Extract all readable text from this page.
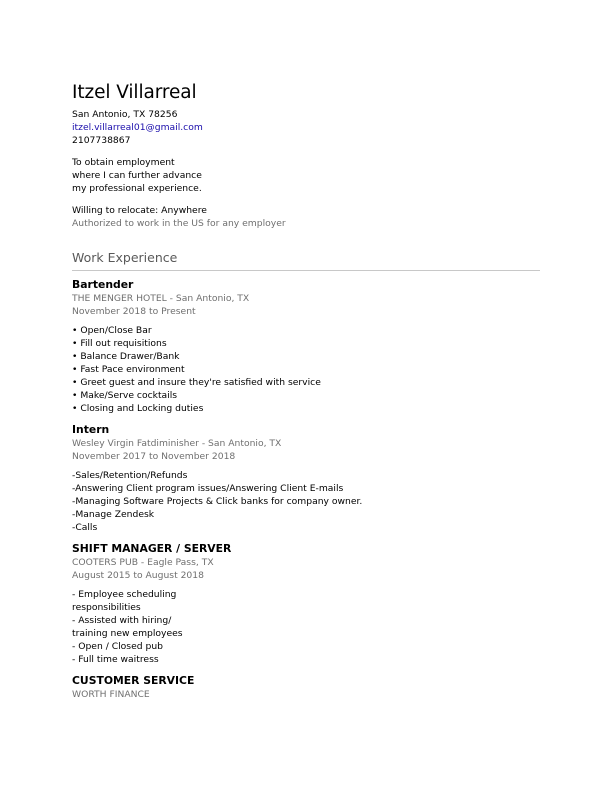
Itzel Villarreal
San Antonio, TX 78256
itzel.villarreal01@gmail.com
2107738867
To obtain employment
where I can further advance
my professional experience.
Willing to relocate: Anywhere
Authorized to work in the US for any employer
Work Experience
Bartender
THE MENGER HOTEL - San Antonio, TX
November 2018 to Present
• Open/Close Bar
• Fill out requisitions
• Balance Drawer/Bank
• Fast Pace environment
• Greet guest and insure they're satisfied with service
• Make/Serve cocktails
• Closing and Locking duties
Intern
Wesley Virgin Fatdiminisher - San Antonio, TX
November 2017 to November 2018
-Sales/Retention/Refunds
-Answering Client program issues/Answering Client E-mails
-Managing Software Projects & Click banks for company owner.
-Manage Zendesk
-Calls
SHIFT MANAGER / SERVER
COOTERS PUB - Eagle Pass, TX
August 2015 to August 2018
- Employee scheduling
responsibilities
- Assisted with hiring/
training new employees
- Open / Closed pub
- Full time waitress
CUSTOMER SERVICE
WORTH FINANCE
